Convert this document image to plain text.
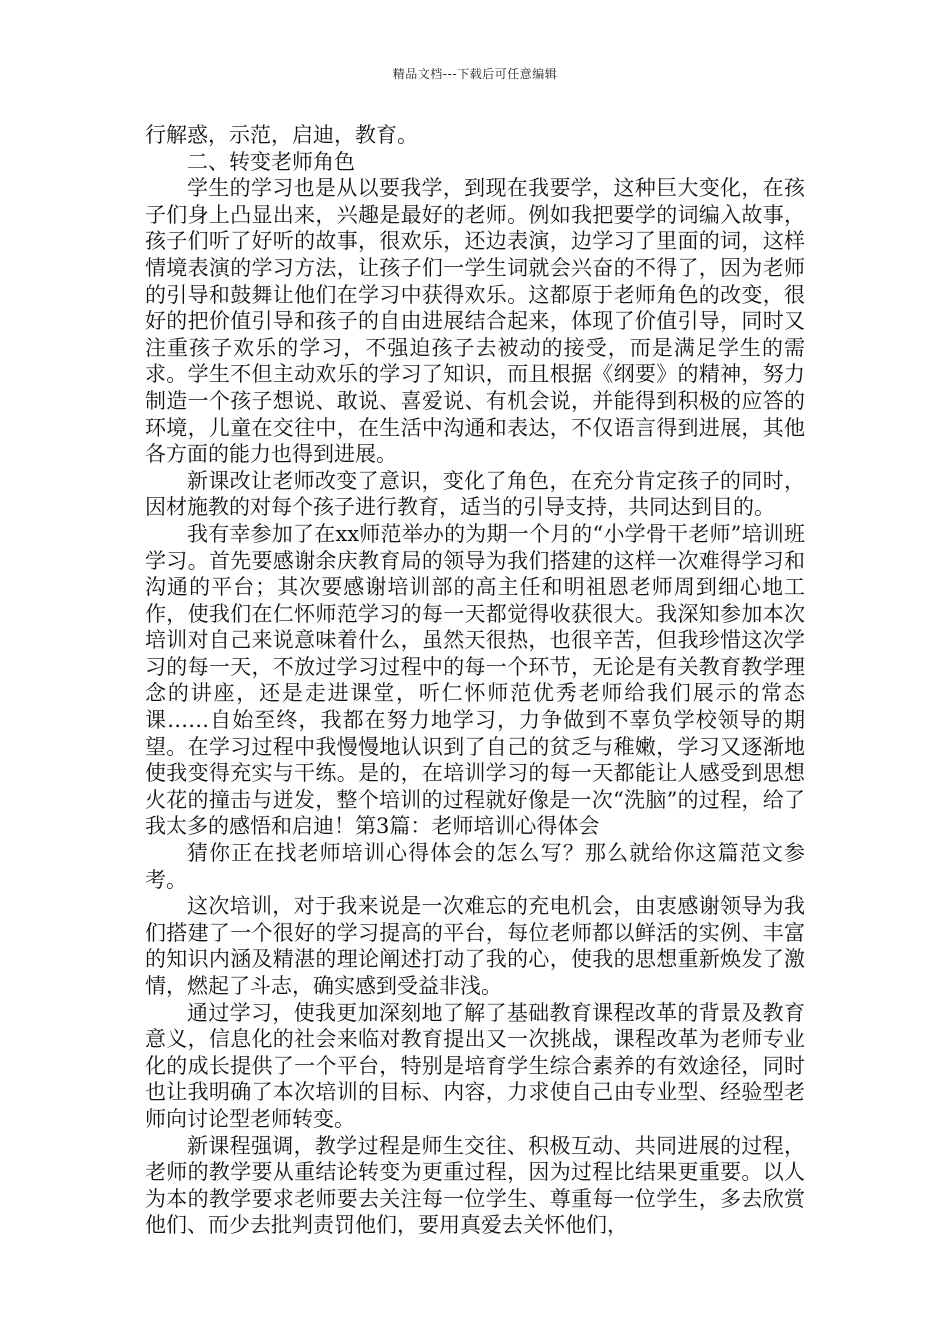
精品文档---下载后可任意编辑

行解惑，示范，启迪，教育。

二、转变老师角色

学生的学习也是从以要我学，到现在我要学，这种巨大变化，在孩子们身上凸显出来，兴趣是最好的老师。例如我把要学的词编入故事，孩子们听了好听的故事，很欢乐，还边表演，边学习了里面的词，这样情境表演的学习方法，让孩子们一学生词就会兴奋的不得了，因为老师的引导和鼓舞让他们在学习中获得欢乐。这都原于老师角色的改变，很好的把价值引导和孩子的自由进展结合起来，体现了价值引导，同时又注重孩子欢乐的学习，不强迫孩子去被动的接受，而是满足学生的需求。学生不但主动欢乐的学习了知识，而且根据《纲要》的精神，努力制造一个孩子想说、敢说、喜爱说、有机会说，并能得到积极的应答的环境，儿童在交往中，在生活中沟通和表达，不仅语言得到进展，其他各方面的能力也得到进展。

新课改让老师改变了意识，变化了角色，在充分肯定孩子的同时，因材施教的对每个孩子进行教育，适当的引导支持，共同达到目的。

我有幸参加了在xx师范举办的为期一个月的“小学骨干老师”培训班学习。首先要感谢余庆教育局的领导为我们搭建的这样一次难得学习和沟通的平台；其次要感谢培训部的高主任和明祖恩老师周到细心地工作，使我们在仁怀师范学习的每一天都觉得收获很大。我深知参加本次培训对自己来说意味着什么，虽然天很热，也很辛苦，但我珍惜这次学习的每一天，不放过学习过程中的每一个环节，无论是有关教育教学理念的讲座，还是走进课堂，听仁怀师范优秀老师给我们展示的常态课……自始至终，我都在努力地学习，力争做到不辜负学校领导的期望。在学习过程中我慢慢地认识到了自己的贫乏与稚嫩，学习又逐渐地使我变得充实与干练。是的，在培训学习的每一天都能让人感受到思想火花的撞击与迸发，整个培训的过程就好像是一次“洗脑”的过程，给了我太多的感悟和启迪！第3篇：老师培训心得体会

猜你正在找老师培训心得体会的怎么写？那么就给你这篇范文参考。

这次培训，对于我来说是一次难忘的充电机会，由衷感谢领导为我们搭建了一个很好的学习提高的平台，每位老师都以鲜活的实例、丰富的知识内涵及精湛的理论阐述打动了我的心，使我的思想重新焕发了激情，燃起了斗志，确实感到受益非浅。

通过学习，使我更加深刻地了解了基础教育课程改革的背景及教育意义，信息化的社会来临对教育提出又一次挑战，课程改革为老师专业化的成长提供了一个平台，特别是培育学生综合素养的有效途径，同时也让我明确了本次培训的目标、内容，力求使自己由专业型、经验型老师向讨论型老师转变。

新课程强调，教学过程是师生交往、积极互动、共同进展的过程，老师的教学要从重结论转变为更重过程，因为过程比结果更重要。以人为本的教学要求老师要去关注每一位学生、尊重每一位学生，多去欣赏他们、而少去批判责罚他们，要用真爱去关怀他们，
